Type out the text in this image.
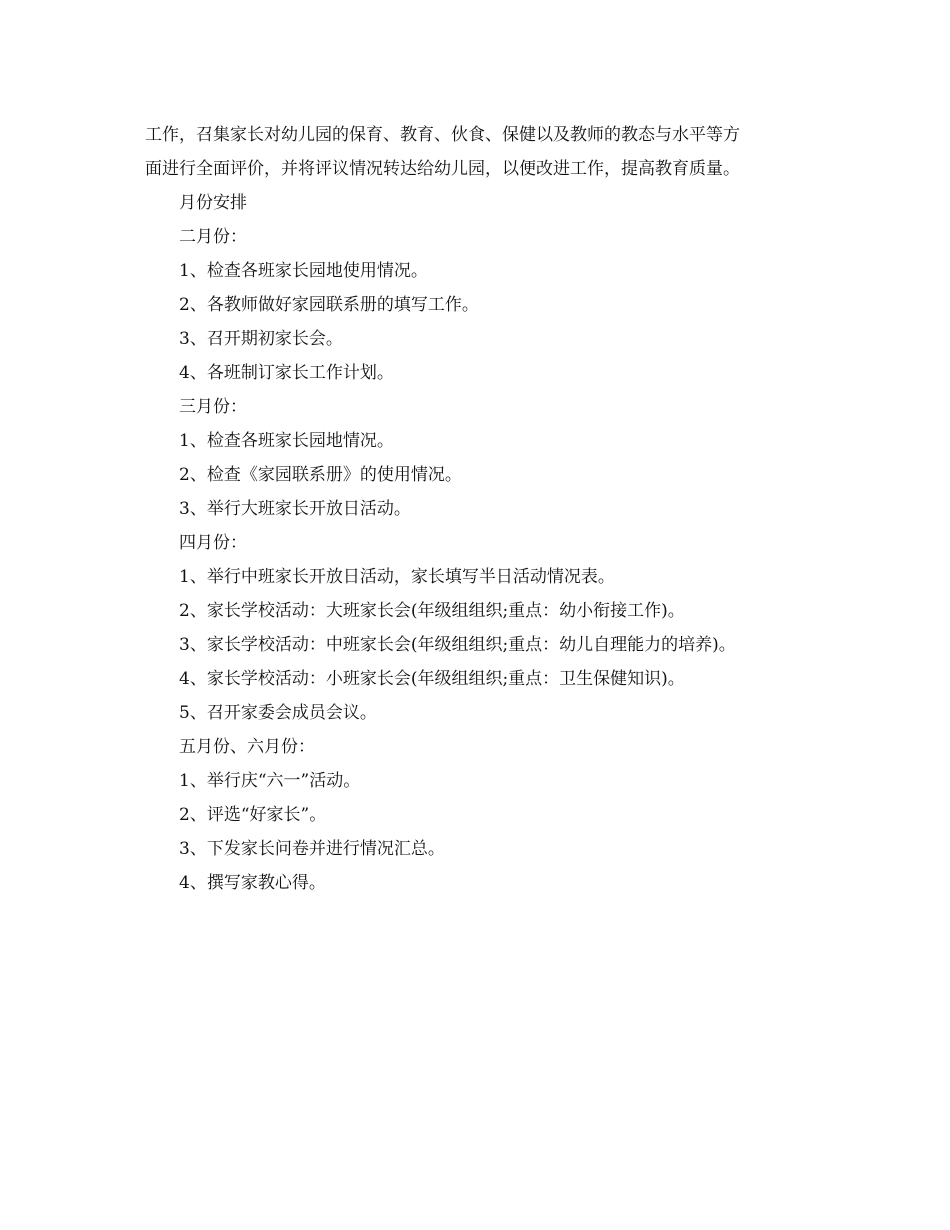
工作，召集家长对幼儿园的保育、教育、伙食、保健以及教师的教态与水平等方

面进行全面评价，并将评议情况转达给幼儿园，以便改进工作，提高教育质量。

月份安排

二月份：

1、检查各班家长园地使用情况。

2、各教师做好家园联系册的填写工作。

3、召开期初家长会。

4、各班制订家长工作计划。

三月份：

1、检查各班家长园地情况。

2、检查《家园联系册》的使用情况。

3、举行大班家长开放日活动。

四月份：

1、举行中班家长开放日活动，家长填写半日活动情况表。

2、家长学校活动：大班家长会(年级组组织;重点：幼小衔接工作)。

3、家长学校活动：中班家长会(年级组组织;重点：幼儿自理能力的培养)。

4、家长学校活动：小班家长会(年级组组织;重点：卫生保健知识)。

5、召开家委会成员会议。

五月份、六月份：

1、举行庆“六一”活动。

2、评选“好家长”。

3、下发家长问卷并进行情况汇总。

4、撰写家教心得。
